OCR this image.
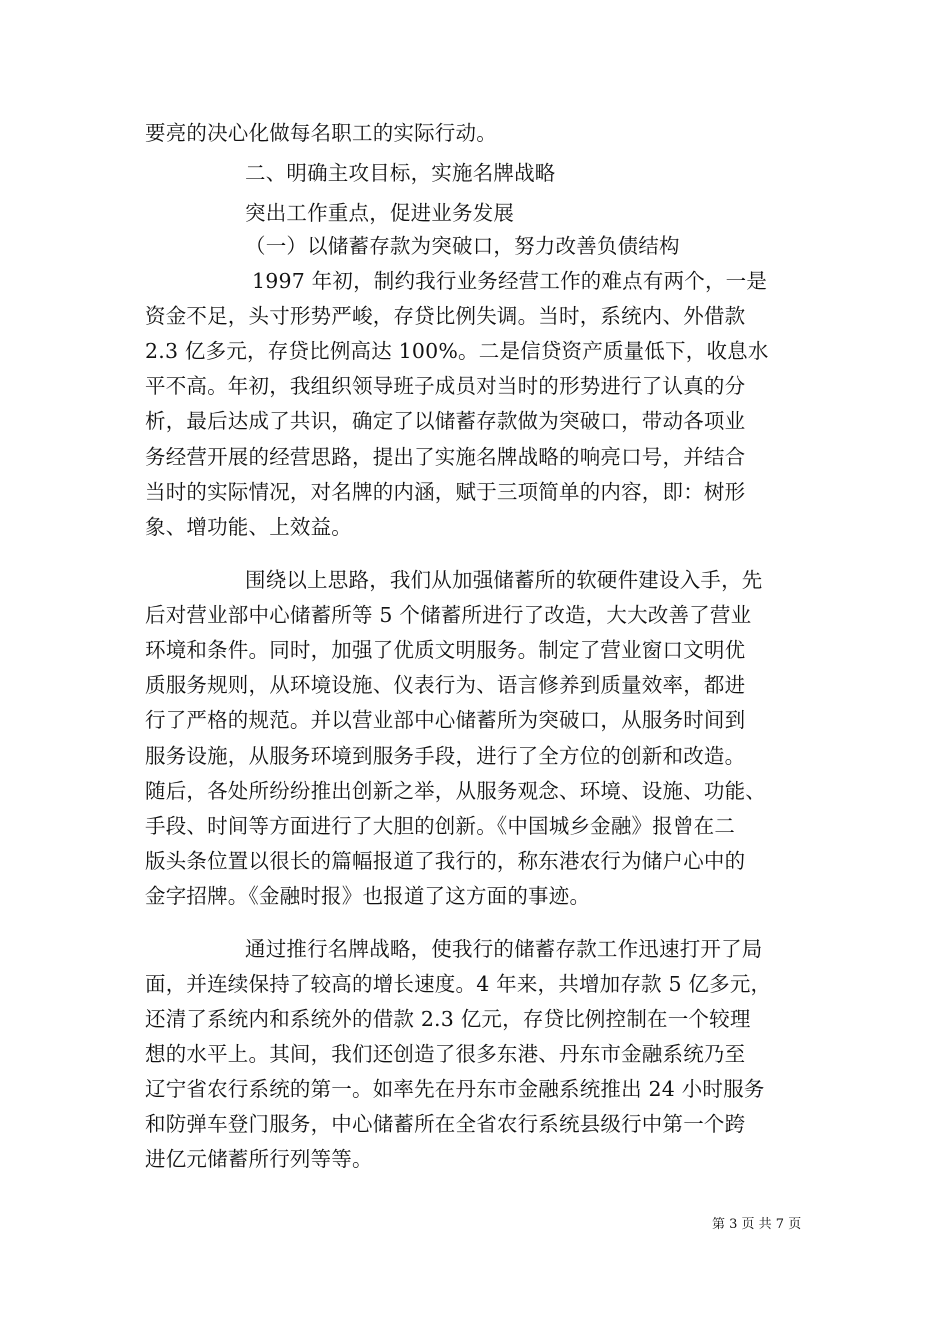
要亮的决心化做每名职工的实际行动。
二、明确主攻目标，实施名牌战略
突出工作重点，促进业务发展
（一）以储蓄存款为突破口，努力改善负债结构
1997 年初，制约我行业务经营工作的难点有两个，一是
资金不足，头寸形势严峻，存贷比例失调。当时，系统内、外借款
2.3 亿多元，存贷比例高达 100%。二是信贷资产质量低下，收息水
平不高。年初，我组织领导班子成员对当时的形势进行了认真的分
析，最后达成了共识，确定了以储蓄存款做为突破口，带动各项业
务经营开展的经营思路，提出了实施名牌战略的响亮口号，并结合
当时的实际情况，对名牌的内涵，赋于三项简单的内容，即：树形
象、增功能、上效益。
围绕以上思路，我们从加强储蓄所的软硬件建设入手，先
后对营业部中心储蓄所等 5 个储蓄所进行了改造，大大改善了营业
环境和条件。同时，加强了优质文明服务。制定了营业窗口文明优
质服务规则，从环境设施、仪表行为、语言修养到质量效率，都进
行了严格的规范。并以营业部中心储蓄所为突破口，从服务时间到
服务设施，从服务环境到服务手段，进行了全方位的创新和改造。
随后，各处所纷纷推出创新之举，从服务观念、环境、设施、功能、
手段、时间等方面进行了大胆的创新。《中国城乡金融》报曾在二
版头条位置以很长的篇幅报道了我行的，称东港农行为储户心中的
金字招牌。《金融时报》也报道了这方面的事迹。
通过推行名牌战略，使我行的储蓄存款工作迅速打开了局
面，并连续保持了较高的增长速度。4 年来，共增加存款 5 亿多元，
还清了系统内和系统外的借款 2.3 亿元，存贷比例控制在一个较理
想的水平上。其间，我们还创造了很多东港、丹东市金融系统乃至
辽宁省农行系统的第一。如率先在丹东市金融系统推出 24 小时服务
和防弹车登门服务，中心储蓄所在全省农行系统县级行中第一个跨
进亿元储蓄所行列等等。
第 3 页 共 7 页
